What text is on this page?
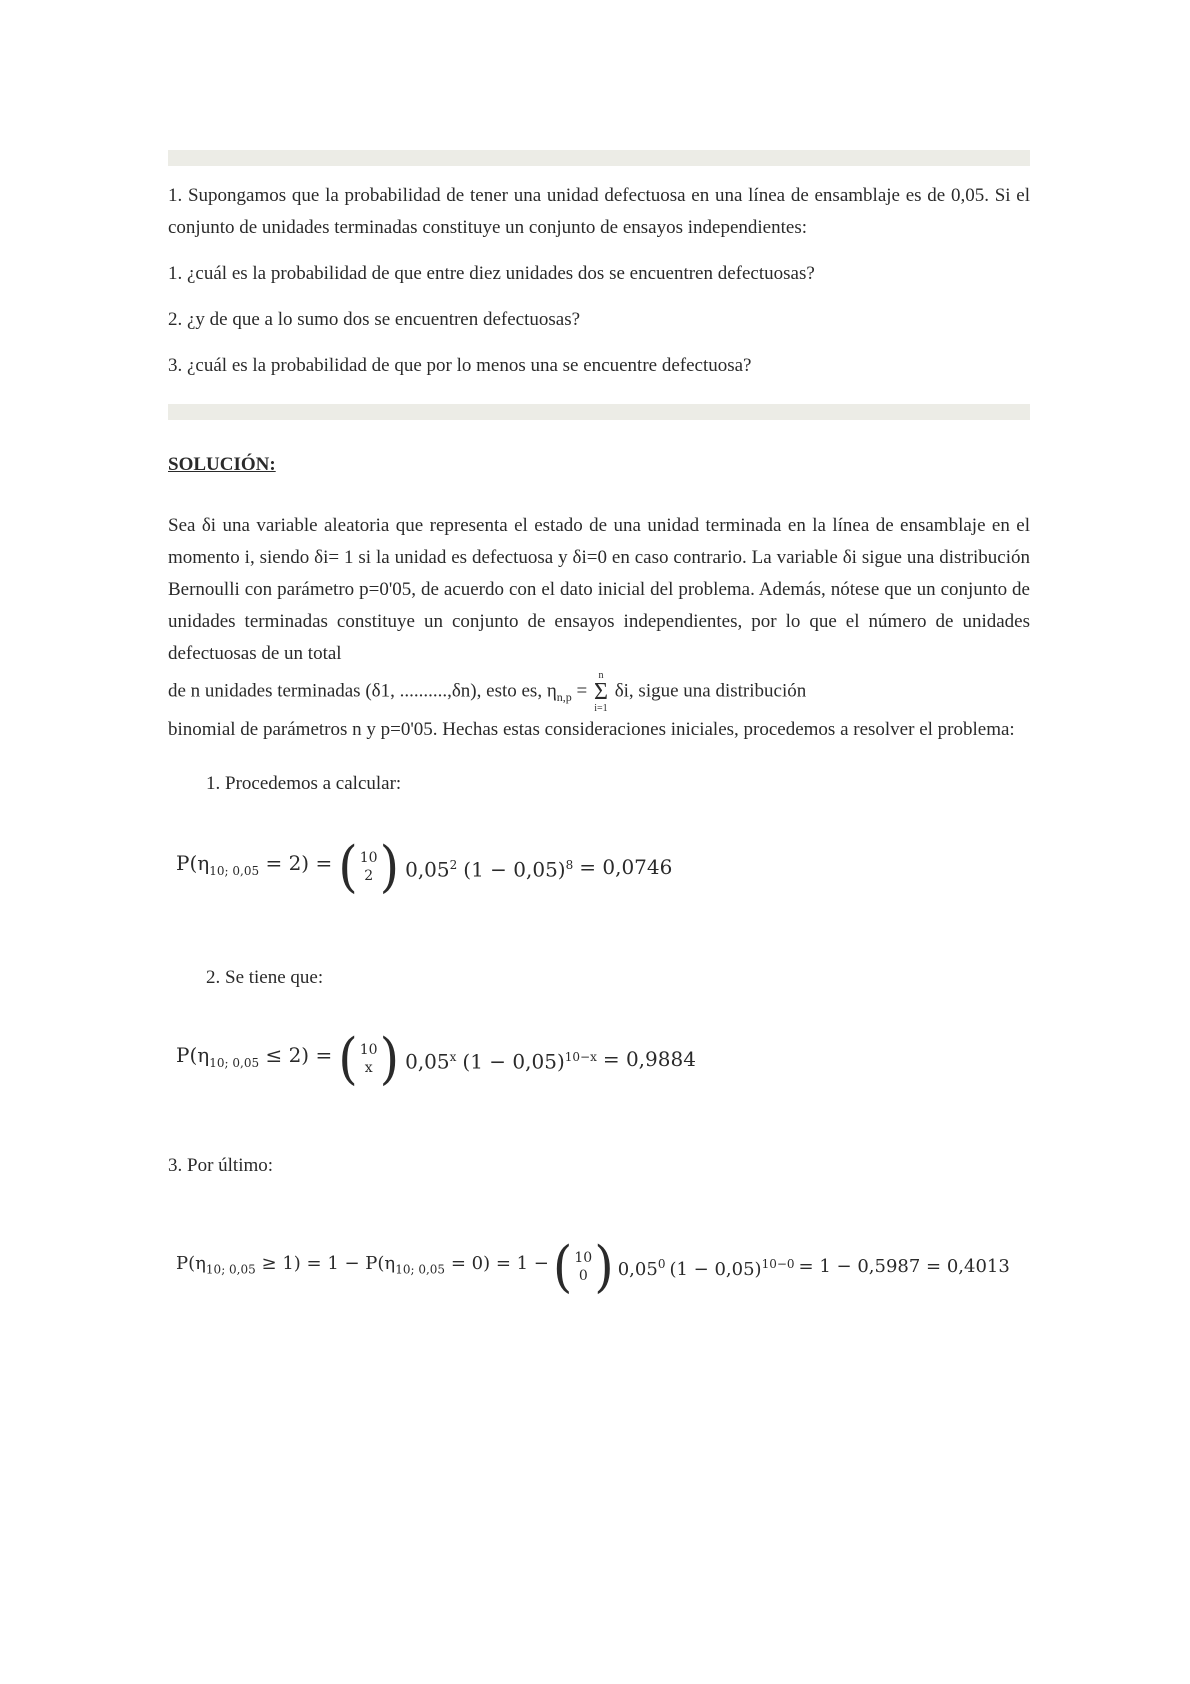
1. Supongamos que la probabilidad de tener una unidad defectuosa en una línea de ensamblaje es de 0,05. Si el conjunto de unidades terminadas constituye un conjunto de ensayos independientes:

1. ¿cuál es la probabilidad de que entre diez unidades dos se encuentren defectuosas?

2. ¿y de que a lo sumo dos se encuentren defectuosas?

3. ¿cuál es la probabilidad de que por lo menos una se encuentre defectuosa?

SOLUCIÓN:

Sea δi una variable aleatoria que representa el estado de una unidad terminada en la línea de ensamblaje en el momento i, siendo δi= 1 si la unidad es defectuosa y δi=0 en caso contrario. La variable δi sigue una distribución Bernoulli con parámetro p=0'05, de acuerdo con el dato inicial del problema. Además, nótese que un conjunto de unidades terminadas constituye un conjunto de ensayos independientes, por lo que el número de unidades defectuosas de un total

de n unidades terminadas (δ1, ..........,δn), esto es, $\eta_{n,p}$ =
n
Σ
i=1
δi, sigue una distribución

binomial de parámetros n y p=0'05. Hechas estas consideraciones iniciales, procedemos a resolver el problema:

1. Procedemos a calcular:

$P(\eta_{10; 0,05} = 2)$ = ( 10
2 ) 0,05$^2$ $(1 - 0,05)^8 = 0,0746$

2. Se tiene que:

$P(\eta_{10; 0,05} \le 2)$ = ( 10
x ) 0,05$^x$ $(1 - 0,05)^{10-x} = 0,9884$

3. Por último:

$P(\eta_{10; 0,05} \ge 1) = 1 - P(\eta_{10; 0,05} = 0) = 1$ − ( 10
0 ) 0,05$^0$ $(1 - 0,05)^{10-0} = 1 - 0,5987 = 0,4013$
